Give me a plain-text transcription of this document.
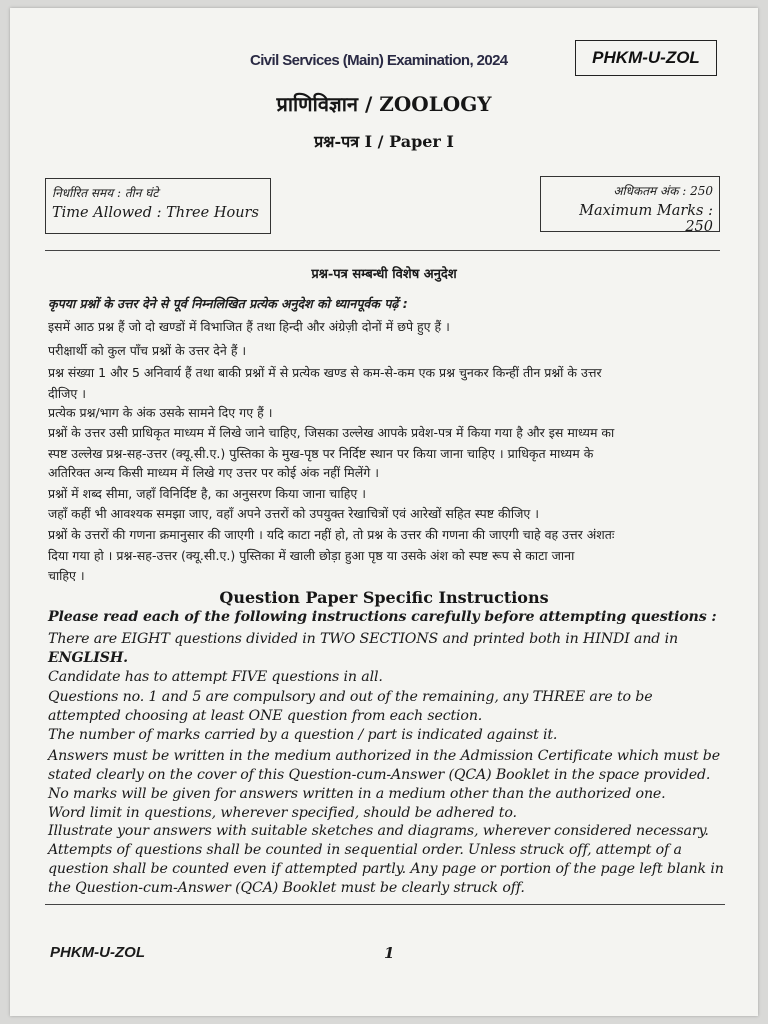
Civil Services (Main) Examination, 2024	PHKM-U-ZOL
प्राणिविज्ञान / ZOOLOGY
प्रश्न-पत्र I / Paper I
निर्धारित समय : तीन घंटे
Time Allowed : Three Hours
अधिकतम अंक : 250
Maximum Marks : 250
प्रश्न-पत्र सम्बन्धी विशेष अनुदेश
कृपया प्रश्नों के उत्तर देने से पूर्व निम्नलिखित प्रत्येक अनुदेश को ध्यानपूर्वक पढ़ें :
इसमें आठ प्रश्न हैं जो दो खण्डों में विभाजित हैं तथा हिन्दी और अंग्रेज़ी दोनों में छपे हुए हैं ।
परीक्षार्थी को कुल पाँच प्रश्नों के उत्तर देने हैं ।
प्रश्न संख्या 1 और 5 अनिवार्य हैं तथा बाकी प्रश्नों में से प्रत्येक खण्ड से कम-से-कम एक प्रश्न चुनकर किन्हीं तीन प्रश्नों के उत्तर
दीजिए ।
प्रत्येक प्रश्न/भाग के अंक उसके सामने दिए गए हैं ।
प्रश्नों के उत्तर उसी प्राधिकृत माध्यम में लिखे जाने चाहिए, जिसका उल्लेख आपके प्रवेश-पत्र में किया गया है और इस माध्यम का
स्पष्ट उल्लेख प्रश्न-सह-उत्तर (क्यू.सी.ए.) पुस्तिका के मुख-पृष्ठ पर निर्दिष्ट स्थान पर किया जाना चाहिए । प्राधिकृत माध्यम के
अतिरिक्त अन्य किसी माध्यम में लिखे गए उत्तर पर कोई अंक नहीं मिलेंगे ।
प्रश्नों में शब्द सीमा, जहाँ विनिर्दिष्ट है, का अनुसरण किया जाना चाहिए ।
जहाँ कहीं भी आवश्यक समझा जाए, वहाँ अपने उत्तरों को उपयुक्त रेखाचित्रों एवं आरेखों सहित स्पष्ट कीजिए ।
प्रश्नों के उत्तरों की गणना क्रमानुसार की जाएगी । यदि काटा नहीं हो, तो प्रश्न के उत्तर की गणना की जाएगी चाहे वह उत्तर अंशतः
दिया गया हो । प्रश्न-सह-उत्तर (क्यू.सी.ए.) पुस्तिका में खाली छोड़ा हुआ पृष्ठ या उसके अंश को स्पष्ट रूप से काटा जाना
चाहिए ।
Question Paper Specific Instructions
Please read each of the following instructions carefully before attempting questions :
There are EIGHT questions divided in TWO SECTIONS and printed both in HINDI and in
ENGLISH.
Candidate has to attempt FIVE questions in all.
Questions no. 1 and 5 are compulsory and out of the remaining, any THREE are to be
attempted choosing at least ONE question from each section.
The number of marks carried by a question / part is indicated against it.
Answers must be written in the medium authorized in the Admission Certificate which must be
stated clearly on the cover of this Question-cum-Answer (QCA) Booklet in the space provided.
No marks will be given for answers written in a medium other than the authorized one.
Word limit in questions, wherever specified, should be adhered to.
Illustrate your answers with suitable sketches and diagrams, wherever considered necessary.
Attempts of questions shall be counted in sequential order. Unless struck off, attempt of a
question shall be counted even if attempted partly. Any page or portion of the page left blank in
the Question-cum-Answer (QCA) Booklet must be clearly struck off.
PHKM-U-ZOL	1
